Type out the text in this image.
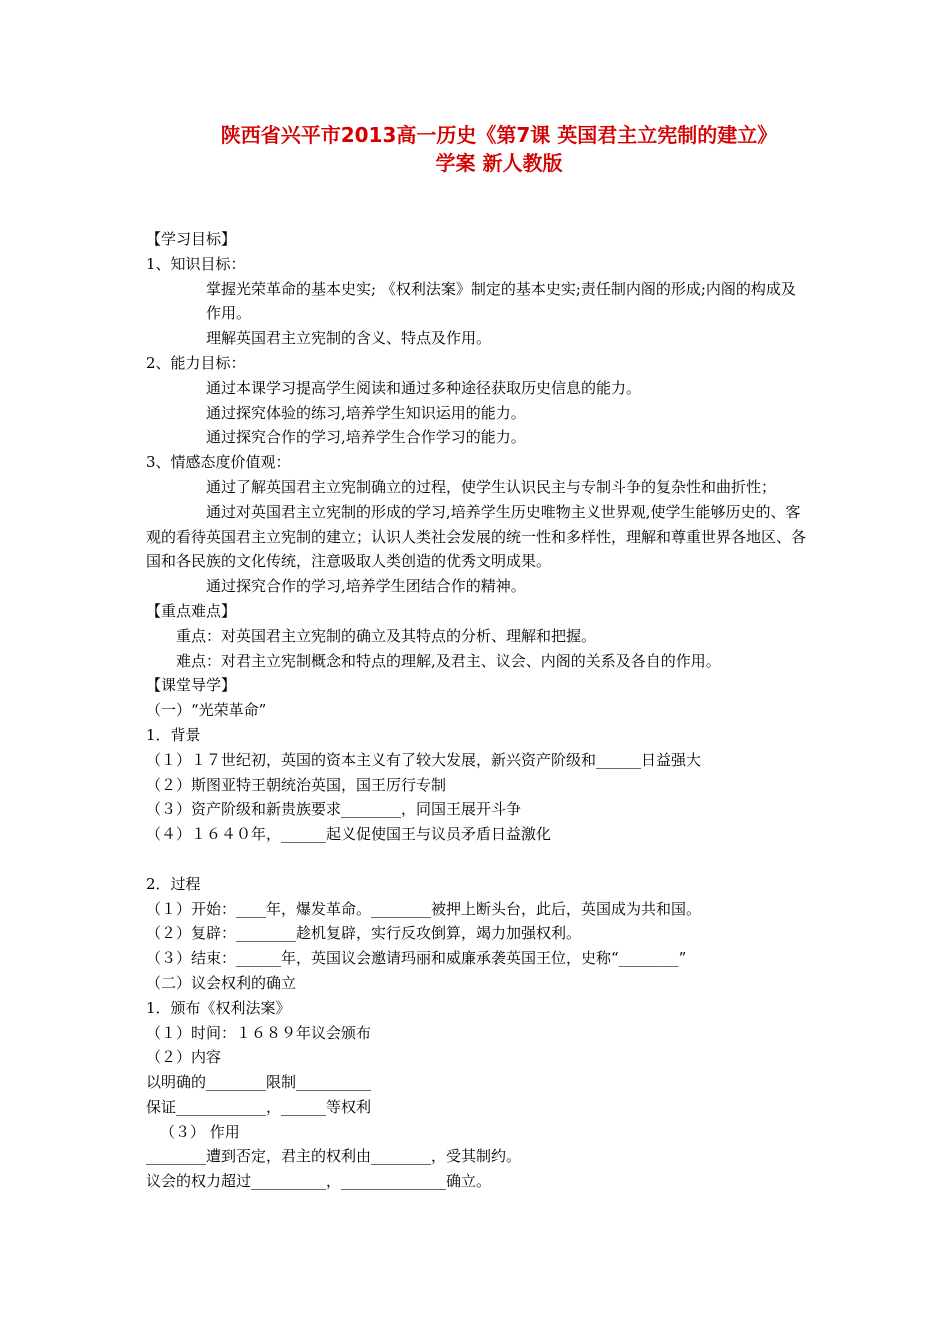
陕西省兴平市2013高一历史《第7课 英国君主立宪制的建立》
学案 新人教版
【学习目标】
1、知识目标：
掌握光荣革命的基本史实; 《权利法案》制定的基本史实;责任制内阁的形成;内阁的构成及作用。
理解英国君主立宪制的含义、特点及作用。
2、能力目标：
通过本课学习提高学生阅读和通过多种途径获取历史信息的能力。
通过探究体验的练习,培养学生知识运用的能力。
通过探究合作的学习,培养学生合作学习的能力。
3、情感态度价值观：
通过了解英国君主立宪制确立的过程，使学生认识民主与专制斗争的复杂性和曲折性；
通过对英国君主立宪制的形成的学习,培养学生历史唯物主义世界观,使学生能够历史的、客观的看待英国君主立宪制的建立；认识人类社会发展的统一性和多样性，理解和尊重世界各地区、各国和各民族的文化传统，注意吸取人类创造的优秀文明成果。
通过探究合作的学习,培养学生团结合作的精神。
【重点难点】
重点：对英国君主立宪制的确立及其特点的分析、理解和把握。
难点：对君主立宪制概念和特点的理解,及君主、议会、内阁的关系及各自的作用。
【课堂导学】
（一）“光荣革命”
1．背景
（１）１７世纪初，英国的资本主义有了较大发展，新兴资产阶级和______日益强大
（２）斯图亚特王朝统治英国，国王厉行专制
（３）资产阶级和新贵族要求________，同国王展开斗争
（４）１６４０年，______起义促使国王与议员矛盾日益激化
2．过程
（１）开始：____年，爆发革命。________被押上断头台，此后，英国成为共和国。
（２）复辟：________趁机复辟，实行反攻倒算，竭力加强权利。
（３）结束：______年，英国议会邀请玛丽和威廉承袭英国王位，史称“________”
（二）议会权利的确立
1．颁布《权利法案》
（１）时间：１６８９年议会颁布
（２）内容
以明确的________限制__________
保证____________，______等权利
（３） 作用
________遭到否定，君主的权利由________，受其制约。
议会的权力超过__________，______________确立。
